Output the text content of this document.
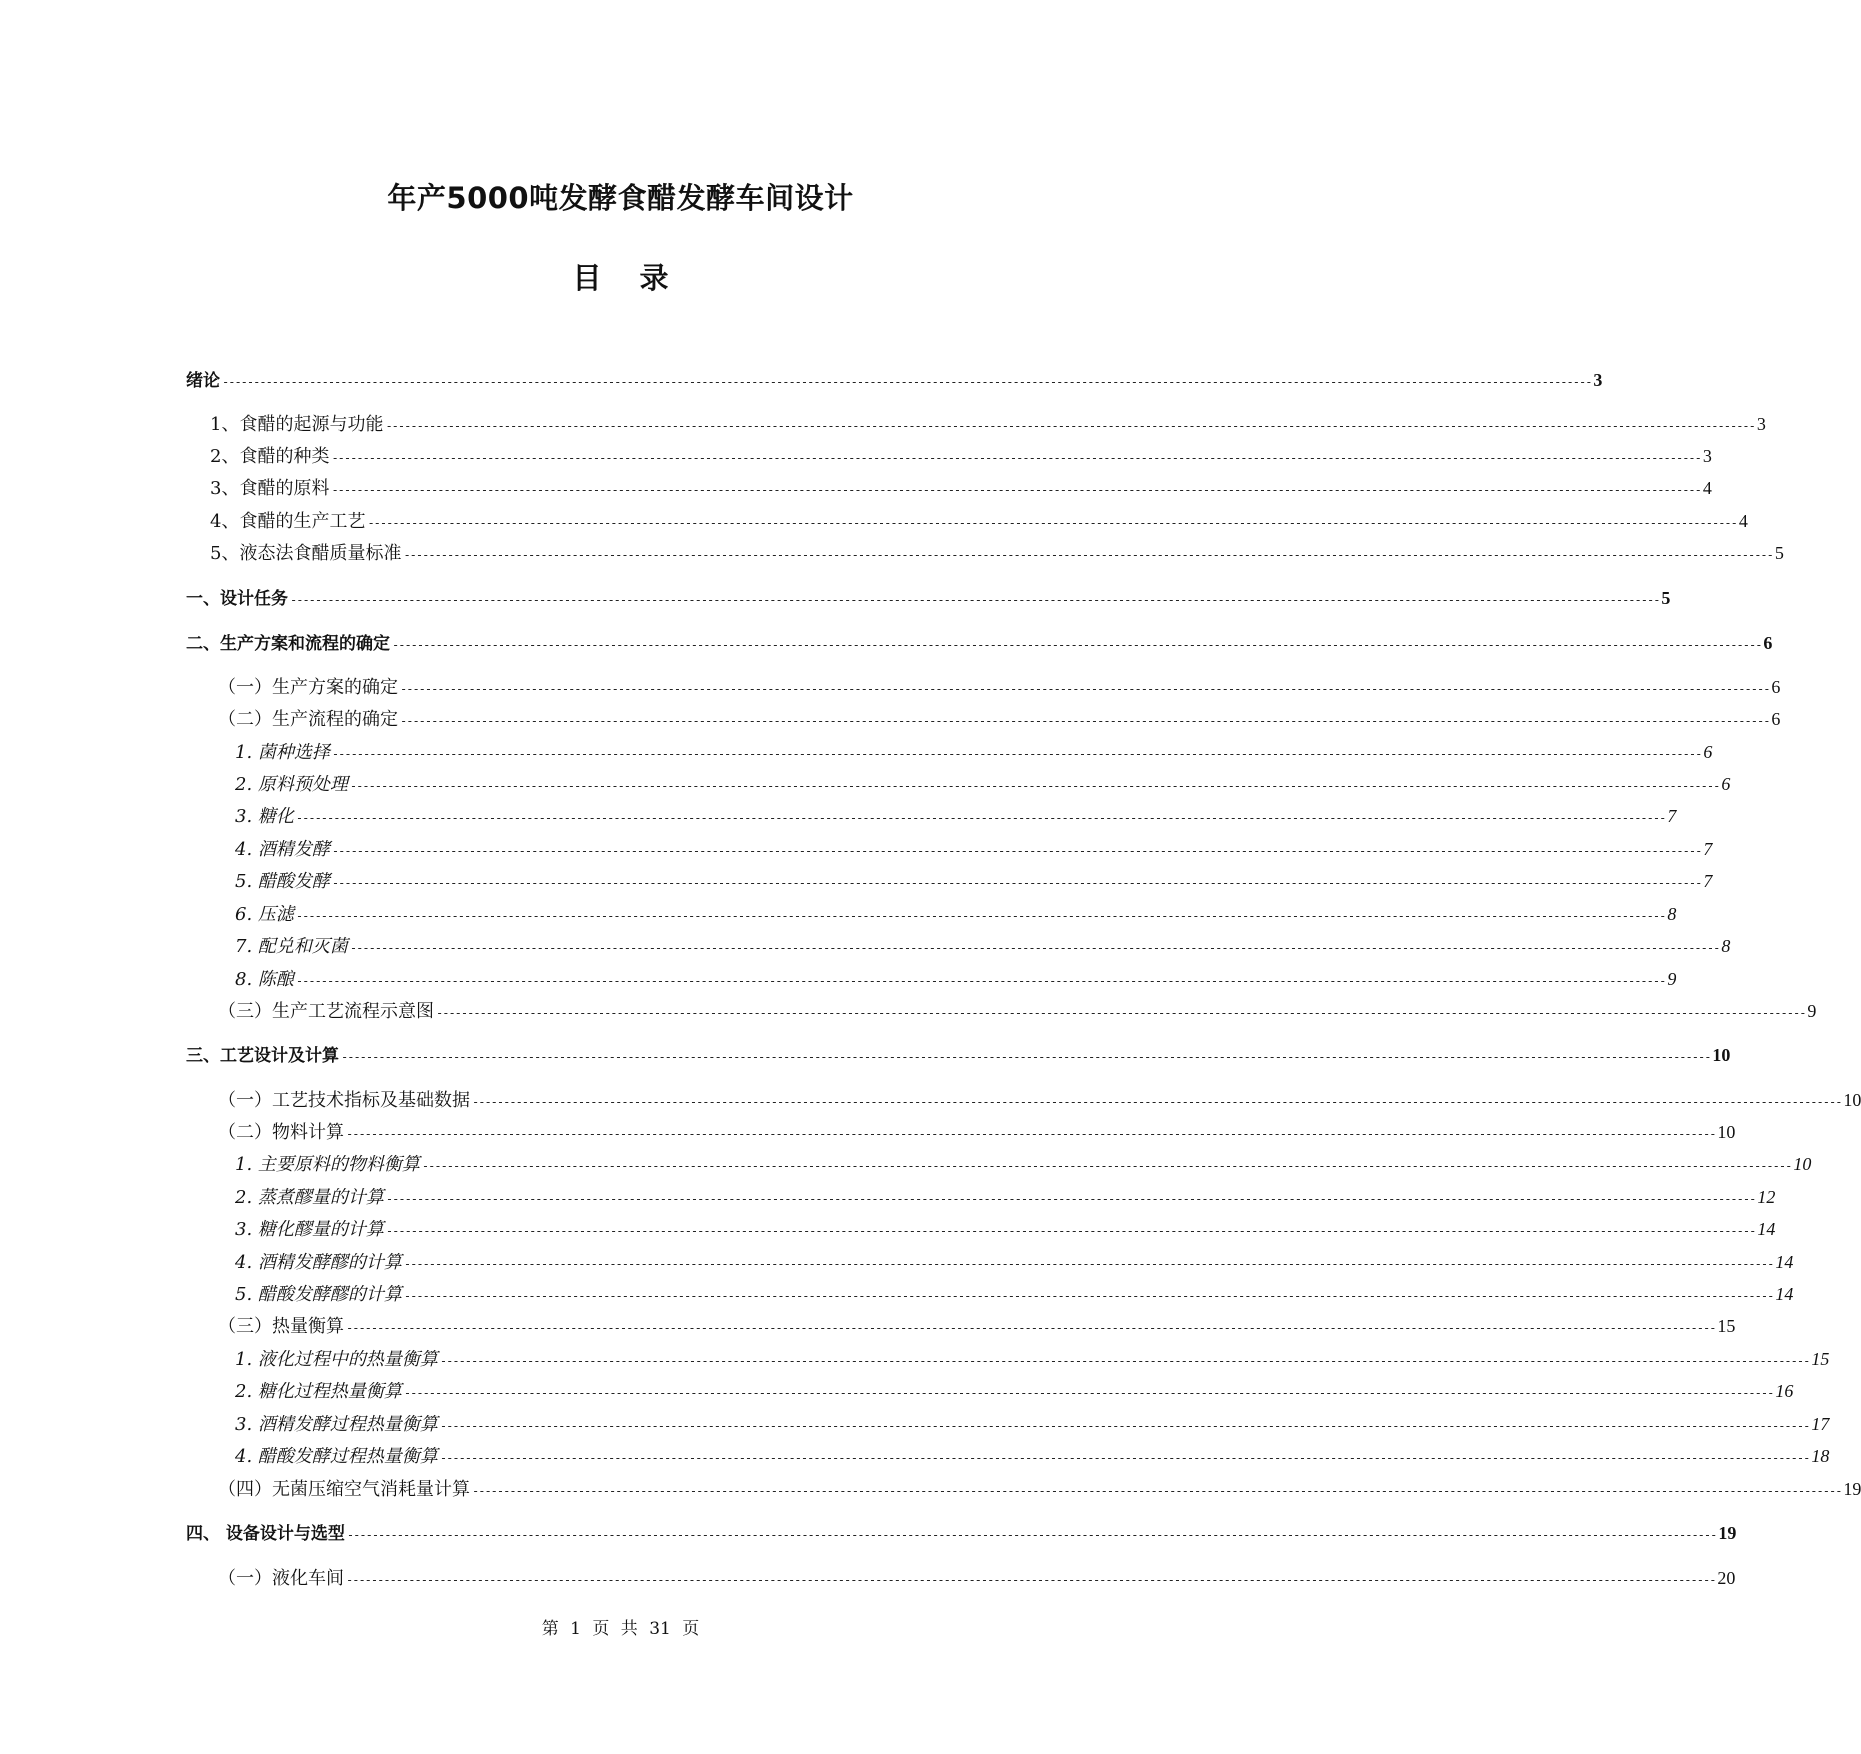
年产5000吨发酵食醋发酵车间设计
目 录
绪论 ---------------------------------------------------------------------------------------------------------------------------------------------------------------------------------------------------------------------------- 3
1、食醋的起源与功能 ---------------------------------------------------------------------------------------------------------------------------------------------------------------------------------------------------------------------------- 3
2、食醋的种类 ---------------------------------------------------------------------------------------------------------------------------------------------------------------------------------------------------------------------------- 3
3、食醋的原料 ---------------------------------------------------------------------------------------------------------------------------------------------------------------------------------------------------------------------------- 4
4、食醋的生产工艺 ---------------------------------------------------------------------------------------------------------------------------------------------------------------------------------------------------------------------------- 4
5、液态法食醋质量标准 ---------------------------------------------------------------------------------------------------------------------------------------------------------------------------------------------------------------------------- 5
一、设计任务 ---------------------------------------------------------------------------------------------------------------------------------------------------------------------------------------------------------------------------- 5
二、生产方案和流程的确定 ---------------------------------------------------------------------------------------------------------------------------------------------------------------------------------------------------------------------------- 6
（一）生产方案的确定 ---------------------------------------------------------------------------------------------------------------------------------------------------------------------------------------------------------------------------- 6
（二）生产流程的确定 ---------------------------------------------------------------------------------------------------------------------------------------------------------------------------------------------------------------------------- 6
1. 菌种选择 ---------------------------------------------------------------------------------------------------------------------------------------------------------------------------------------------------------------------------- 6
2. 原料预处理 ---------------------------------------------------------------------------------------------------------------------------------------------------------------------------------------------------------------------------- 6
3. 糖化 ---------------------------------------------------------------------------------------------------------------------------------------------------------------------------------------------------------------------------- 7
4. 酒精发酵 ---------------------------------------------------------------------------------------------------------------------------------------------------------------------------------------------------------------------------- 7
5. 醋酸发酵 ---------------------------------------------------------------------------------------------------------------------------------------------------------------------------------------------------------------------------- 7
6. 压滤 ---------------------------------------------------------------------------------------------------------------------------------------------------------------------------------------------------------------------------- 8
7. 配兑和灭菌 ---------------------------------------------------------------------------------------------------------------------------------------------------------------------------------------------------------------------------- 8
8. 陈酿 ---------------------------------------------------------------------------------------------------------------------------------------------------------------------------------------------------------------------------- 9
（三）生产工艺流程示意图 ---------------------------------------------------------------------------------------------------------------------------------------------------------------------------------------------------------------------------- 9
三、工艺设计及计算 ---------------------------------------------------------------------------------------------------------------------------------------------------------------------------------------------------------------------------- 10
（一）工艺技术指标及基础数据 ---------------------------------------------------------------------------------------------------------------------------------------------------------------------------------------------------------------------------- 10
（二）物料计算 ---------------------------------------------------------------------------------------------------------------------------------------------------------------------------------------------------------------------------- 10
1. 主要原料的物料衡算 ---------------------------------------------------------------------------------------------------------------------------------------------------------------------------------------------------------------------------- 10
2. 蒸煮醪量的计算 ---------------------------------------------------------------------------------------------------------------------------------------------------------------------------------------------------------------------------- 12
3. 糖化醪量的计算 ---------------------------------------------------------------------------------------------------------------------------------------------------------------------------------------------------------------------------- 14
4. 酒精发酵醪的计算 ---------------------------------------------------------------------------------------------------------------------------------------------------------------------------------------------------------------------------- 14
5. 醋酸发酵醪的计算 ---------------------------------------------------------------------------------------------------------------------------------------------------------------------------------------------------------------------------- 14
（三）热量衡算 ---------------------------------------------------------------------------------------------------------------------------------------------------------------------------------------------------------------------------- 15
1. 液化过程中的热量衡算 ---------------------------------------------------------------------------------------------------------------------------------------------------------------------------------------------------------------------------- 15
2. 糖化过程热量衡算 ---------------------------------------------------------------------------------------------------------------------------------------------------------------------------------------------------------------------------- 16
3. 酒精发酵过程热量衡算 ---------------------------------------------------------------------------------------------------------------------------------------------------------------------------------------------------------------------------- 17
4. 醋酸发酵过程热量衡算 ---------------------------------------------------------------------------------------------------------------------------------------------------------------------------------------------------------------------------- 18
（四）无菌压缩空气消耗量计算 ---------------------------------------------------------------------------------------------------------------------------------------------------------------------------------------------------------------------------- 19
四、 设备设计与选型 ---------------------------------------------------------------------------------------------------------------------------------------------------------------------------------------------------------------------------- 19
（一）液化车间 ---------------------------------------------------------------------------------------------------------------------------------------------------------------------------------------------------------------------------- 20
第 1 页 共 31 页
